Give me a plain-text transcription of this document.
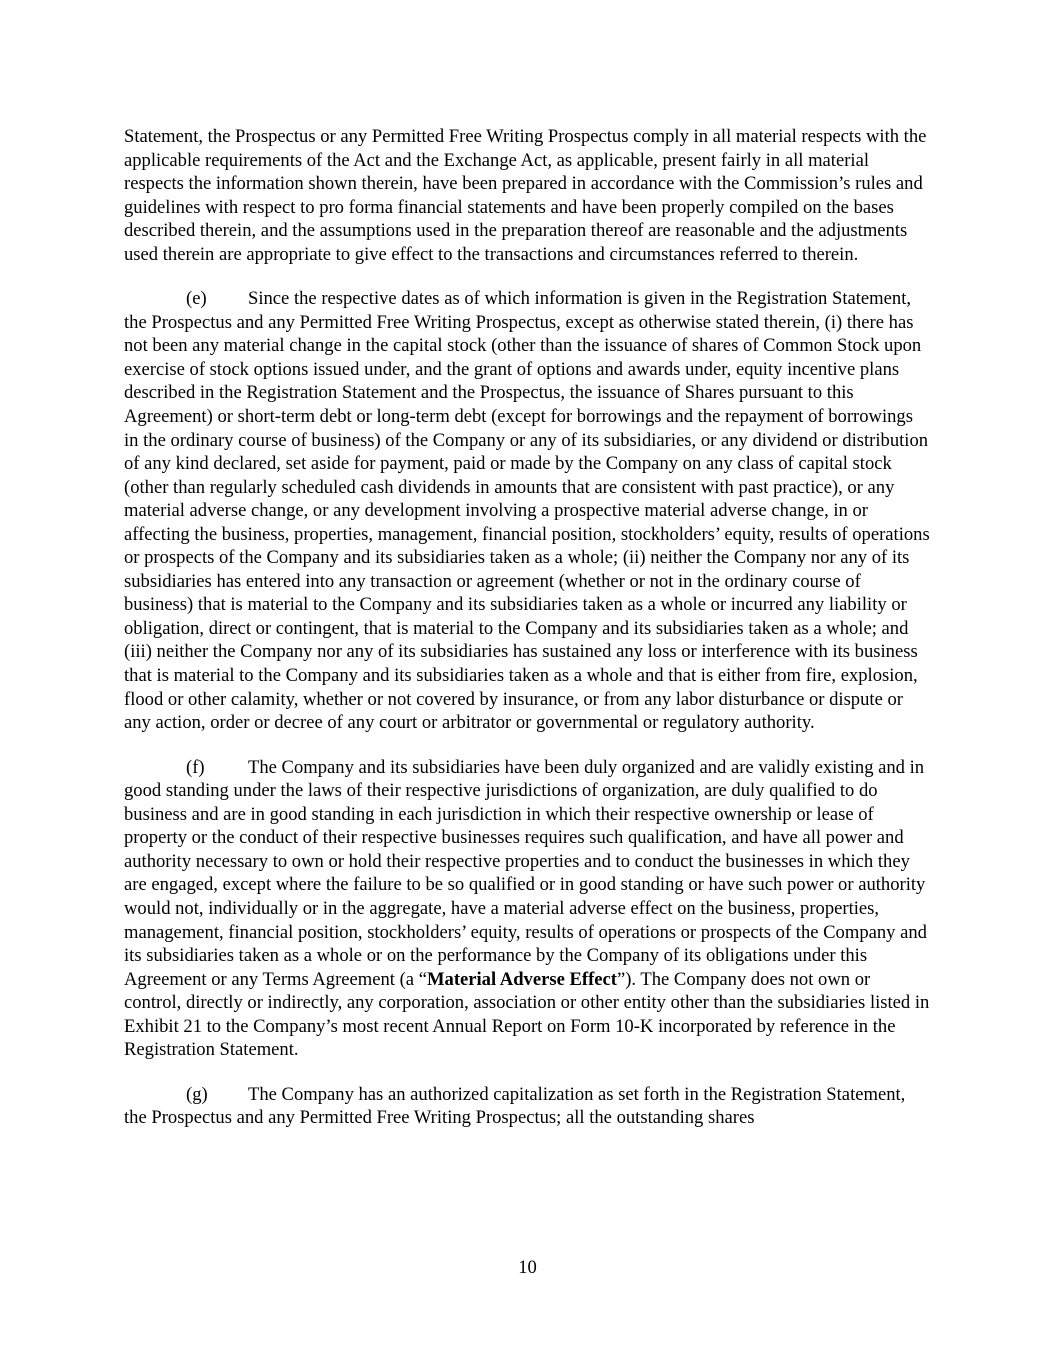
Statement, the Prospectus or any Permitted Free Writing Prospectus comply in all material respects with the applicable requirements of the Act and the Exchange Act, as applicable, present fairly in all material respects the information shown therein, have been prepared in accordance with the Commission’s rules and guidelines with respect to pro forma financial statements and have been properly compiled on the bases described therein, and the assumptions used in the preparation thereof are reasonable and the adjustments used therein are appropriate to give effect to the transactions and circumstances referred to therein.

(e) Since the respective dates as of which information is given in the Registration Statement, the Prospectus and any Permitted Free Writing Prospectus, except as otherwise stated therein, (i) there has not been any material change in the capital stock (other than the issuance of shares of Common Stock upon exercise of stock options issued under, and the grant of options and awards under, equity incentive plans described in the Registration Statement and the Prospectus, the issuance of Shares pursuant to this Agreement) or short-term debt or long-term debt (except for borrowings and the repayment of borrowings in the ordinary course of business) of the Company or any of its subsidiaries, or any dividend or distribution of any kind declared, set aside for payment, paid or made by the Company on any class of capital stock (other than regularly scheduled cash dividends in amounts that are consistent with past practice), or any material adverse change, or any development involving a prospective material adverse change, in or affecting the business, properties, management, financial position, stockholders’ equity, results of operations or prospects of the Company and its subsidiaries taken as a whole; (ii) neither the Company nor any of its subsidiaries has entered into any transaction or agreement (whether or not in the ordinary course of business) that is material to the Company and its subsidiaries taken as a whole or incurred any liability or obligation, direct or contingent, that is material to the Company and its subsidiaries taken as a whole; and (iii) neither the Company nor any of its subsidiaries has sustained any loss or interference with its business that is material to the Company and its subsidiaries taken as a whole and that is either from fire, explosion, flood or other calamity, whether or not covered by insurance, or from any labor disturbance or dispute or any action, order or decree of any court or arbitrator or governmental or regulatory authority.

(f) The Company and its subsidiaries have been duly organized and are validly existing and in good standing under the laws of their respective jurisdictions of organization, are duly qualified to do business and are in good standing in each jurisdiction in which their respective ownership or lease of property or the conduct of their respective businesses requires such qualification, and have all power and authority necessary to own or hold their respective properties and to conduct the businesses in which they are engaged, except where the failure to be so qualified or in good standing or have such power or authority would not, individually or in the aggregate, have a material adverse effect on the business, properties, management, financial position, stockholders’ equity, results of operations or prospects of the Company and its subsidiaries taken as a whole or on the performance by the Company of its obligations under this Agreement or any Terms Agreement (a “Material Adverse Effect”). The Company does not own or control, directly or indirectly, any corporation, association or other entity other than the subsidiaries listed in Exhibit 21 to the Company’s most recent Annual Report on Form 10-K incorporated by reference in the Registration Statement.

(g) The Company has an authorized capitalization as set forth in the Registration Statement, the Prospectus and any Permitted Free Writing Prospectus; all the outstanding shares

10
